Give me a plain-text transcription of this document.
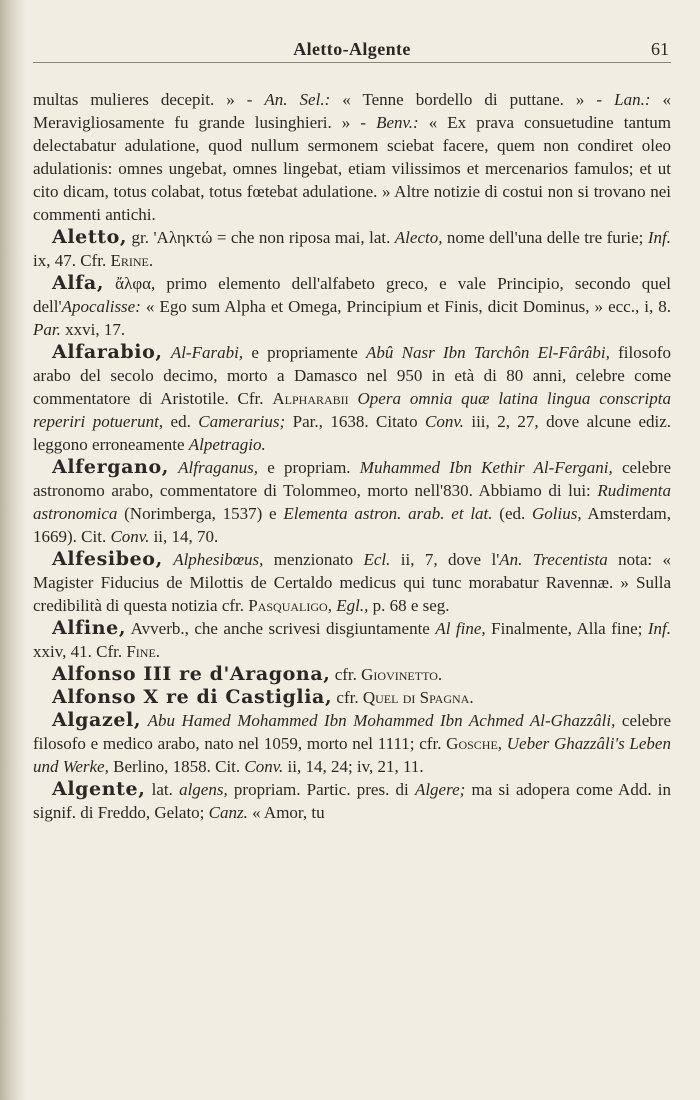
Aletto-Algente	61

multas mulieres decepit. » - An. Sel.: « Tenne bordello di puttane. » - Lan.: « Meravigliosamente fu grande lusinghieri. » - Benv.: « Ex prava consuetudine tantum delectabatur adulatione, quod nullum sermonem sciebat facere, quem non condiret oleo adulationis: omnes ungebat, omnes lingebat, etiam vilissimos et mercenarios famulos; et ut cito dicam, totus colabat, totus fœtebat adulatione. » Altre notizie di costui non si trovano nei commenti antichi.

Aletto, gr. 'Αληκτώ = che non riposa mai, lat. Alecto, nome dell'una delle tre furie; Inf. ix, 47. Cfr. Erine.

Alfa, ἄλφα, primo elemento dell'alfabeto greco, e vale Principio, secondo quel dell'Apocalisse: « Ego sum Alpha et Omega, Principium et Finis, dicit Dominus, » ecc., i, 8. Par. xxvi, 17.

Alfarabio, Al-Farabi, e propriamente Abû Nasr Ibn Tarchôn El-Fârâbi, filosofo arabo del secolo decimo, morto a Damasco nel 950 in età di 80 anni, celebre come commentatore di Aristotile. Cfr. Alpharabii Opera omnia quæ latina lingua conscripta reperiri potuerunt, ed. Camerarius; Par., 1638. Citato Conv. iii, 2, 27, dove alcune ediz. leggono erroneamente Alpetragio.

Alfergano, Alfraganus, e propriam. Muhammed Ibn Kethir Al-Fergani, celebre astronomo arabo, commentatore di Tolommeo, morto nell'830. Abbiamo di lui: Rudimenta astronomica (Norimberga, 1537) e Elementa astron. arab. et lat. (ed. Golius, Amsterdam, 1669). Cit. Conv. ii, 14, 70.

Alfesibeo, Alphesibœus, menzionato Ecl. ii, 7, dove l'An. Trecentista nota: « Magister Fiducius de Milottis de Certaldo medicus qui tunc morabatur Ravennæ. » Sulla credibilità di questa notizia cfr. Pasqualigo, Egl., p. 68 e seg.

Alfine, Avverb., che anche scrivesi disgiuntamente Al fine, Finalmente, Alla fine; Inf. xxiv, 41. Cfr. Fine.

Alfonso III re d'Aragona, cfr. Giovinetto.

Alfonso X re di Castiglia, cfr. Quel di Spagna.

Algazel, Abu Hamed Mohammed Ibn Mohammed Ibn Achmed Al-Ghazzâli, celebre filosofo e medico arabo, nato nel 1059, morto nel 1111; cfr. Gosche, Ueber Ghazzâli's Leben und Werke, Berlino, 1858. Cit. Conv. ii, 14, 24; iv, 21, 11.

Algente, lat. algens, propriam. Partic. pres. di Algere; ma si adopera come Add. in signif. di Freddo, Gelato; Canz. « Amor, tu
